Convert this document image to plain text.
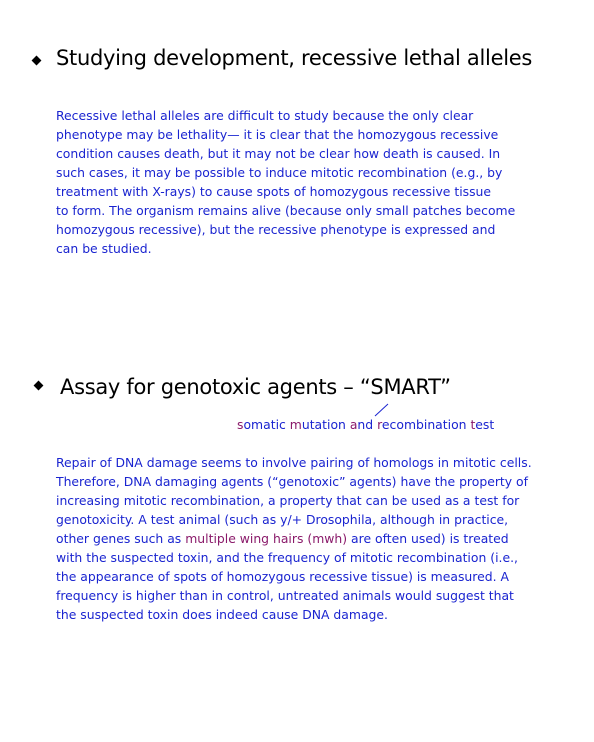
Studying development, recessive lethal alleles
Recessive lethal alleles are difficult to study because the only clear
phenotype may be lethality— it is clear that the homozygous recessive
condition causes death, but it may not be clear how death is caused. In
such cases, it may be possible to induce mitotic recombination (e.g., by
treatment with X-rays) to cause spots of homozygous recessive tissue
to form. The organism remains alive (because only small patches become
homozygous recessive), but the recessive phenotype is expressed and
can be studied.
Assay for genotoxic agents – “SMART”
somatic mutation and recombination test
Repair of DNA damage seems to involve pairing of homologs in mitotic cells.
Therefore, DNA damaging agents (“genotoxic” agents) have the property of
increasing mitotic recombination, a property that can be used as a test for
genotoxicity. A test animal (such as y/+ Drosophila, although in practice,
other genes such as multiple wing hairs (mwh) are often used) is treated
with the suspected toxin, and the frequency of mitotic recombination (i.e.,
the appearance of spots of homozygous recessive tissue) is measured. A
frequency is higher than in control, untreated animals would suggest that
the suspected toxin does indeed cause DNA damage.
